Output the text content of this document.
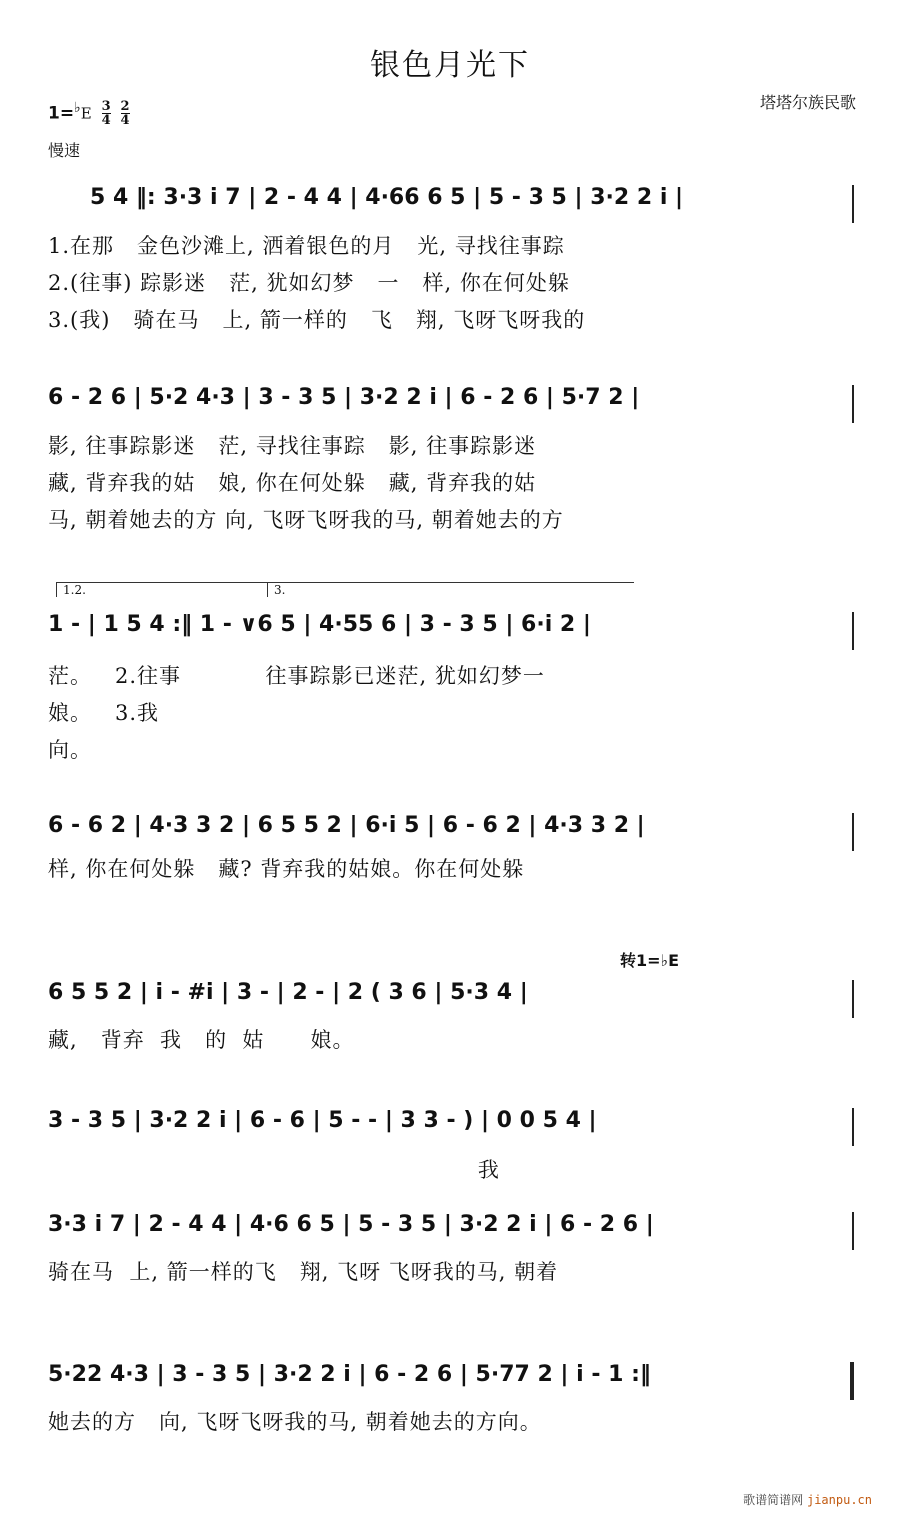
银色月光下
塔塔尔族民歌
$1=^♭E \frac{3}{4}$
$\frac{2}{4}$
慢速
5 4 ‖: 3·3 i 7 | 2 - 4 4 | 4·66 6 5 | 5 - 3 5 | 3·2 2 i |
1.在那   金色沙滩上, 洒着银色的月   光, 寻找往事踪
2.(往事) 踪影迷   茫, 犹如幻梦   一   样, 你在何处躲
3.(我)   骑在马   上, 箭一样的   飞   翔, 飞呀飞呀我的
6 - 2 6 | 5·2 4·3 | 3 - 3 5 | 3·2 2 i | 6 - 2 6 | 5·7 2 |
影, 往事踪影迷   茫, 寻找往事踪   影, 往事踪影迷
藏, 背弃我的姑   娘, 你在何处躲   藏, 背弃我的姑
马, 朝着她去的方 向, 飞呀飞呀我的马, 朝着她去的方
1.2.	3.
1 - | 1 5 4 :‖ 1 - ∨6 5 | 4·55 6 | 3 - 3 5 | 6·i 2 |
茫。   2.往事           往事踪影已迷茫, 犹如幻梦一
娘。   3.我
向。
6 - 6 2 | 4·3 3 2 | 6 5 5 2 | 6·i 5 | 6 - 6 2 | 4·3 3 2 |
样, 你在何处躲   藏? 背弃我的姑娘。你在何处躲
转1=♭E
6 5 5 2 | i - #i | 3 - | 2 - | 2 ( 3 6 | 5·3 4 |
藏,   背弃  我   的  姑      娘。
3 - 3 5 | 3·2 2 i | 6 - 6 | 5 - - | 3 3 - ) | 0 0 5 4 |
我
3·3 i 7 | 2 - 4 4 | 4·6 6 5 | 5 - 3 5 | 3·2 2 i | 6 - 2 6 |
骑在马  上, 箭一样的飞   翔, 飞呀 飞呀我的马, 朝着
5·22 4·3 | 3 - 3 5 | 3·2 2 i | 6 - 2 6 | 5·77 2 | i - 1 :‖
她去的方   向, 飞呀飞呀我的马, 朝着她去的方向。
歌谱简谱网 jianpu.cn
